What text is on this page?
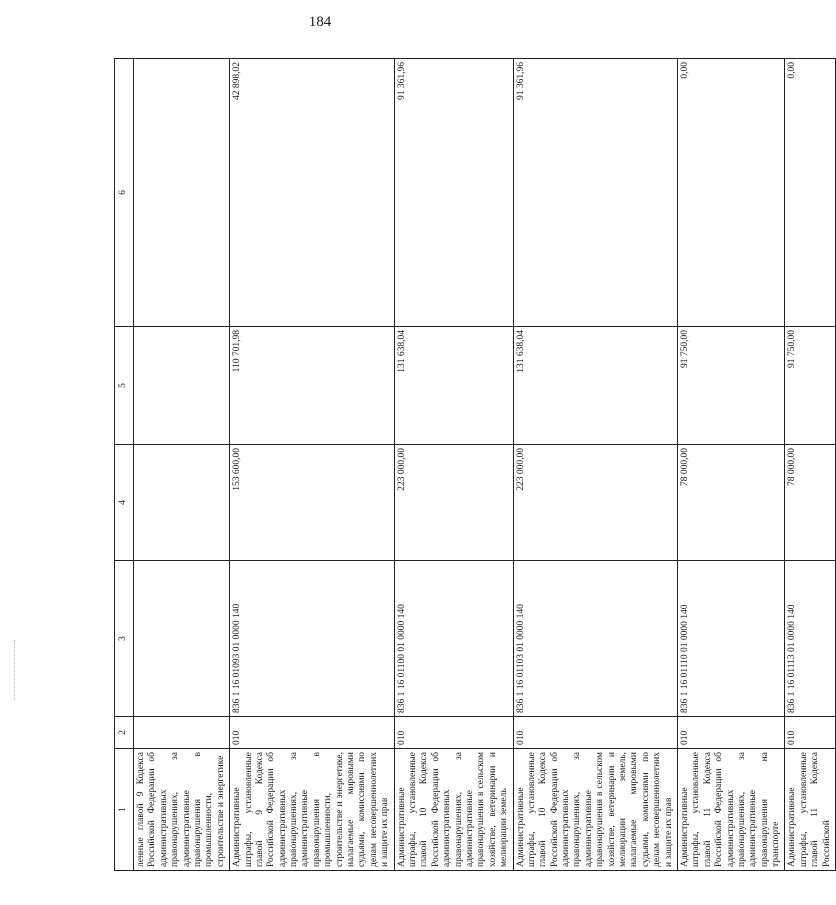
184
1	2	3	4	5	6
ленные главой 9 Кодекса Российской Федерации об административных правонарушениях, за административные правонарушения в промышленности, строительстве и энергетике					
Административные штрафы, установленные главой 9 Кодекса Российской Федерации об административных правонарушениях, за административные правонарушения в промышленности, строительстве и энергетике, налагаемые мировыми судьями, комиссиями по делам несовершеннолетних и защите их прав	010	836 1 16 01093 01 0000 140	153 600,00	110 701,98	42 898,02
Административные штрафы, установленные главой 10 Кодекса Российской Федерации об административных правонарушениях, за административные правонарушения в сельском хозяйстве, ветеринарии и мелиорации земель	010	836 1 16 01100 01 0000 140	223 000,00	131 638,04	91 361,96
Административные штрафы, установленные главой 10 Кодекса Российской Федерации об административных правонарушениях, за административные правонарушения в сельском хозяйстве, ветеринарии и мелиорации земель, налагаемые мировыми судьями, комиссиями по делам несовершеннолетних и защите их прав	010	836 1 16 01103 01 0000 140	223 000,00	131 638,04	91 361,96
Административные штрафы, установленные главой 11 Кодекса Российской Федерации об административных правонарушениях, за административные правонарушения на транспорте	010	836 1 16 01110 01 0000 140	78 000,00	91 750,00	0,00
Административные штрафы, установленные главой 11 Кодекса Российской	010	836 1 16 01113 01 0000 140	78 000,00	91 750,00	0,00
